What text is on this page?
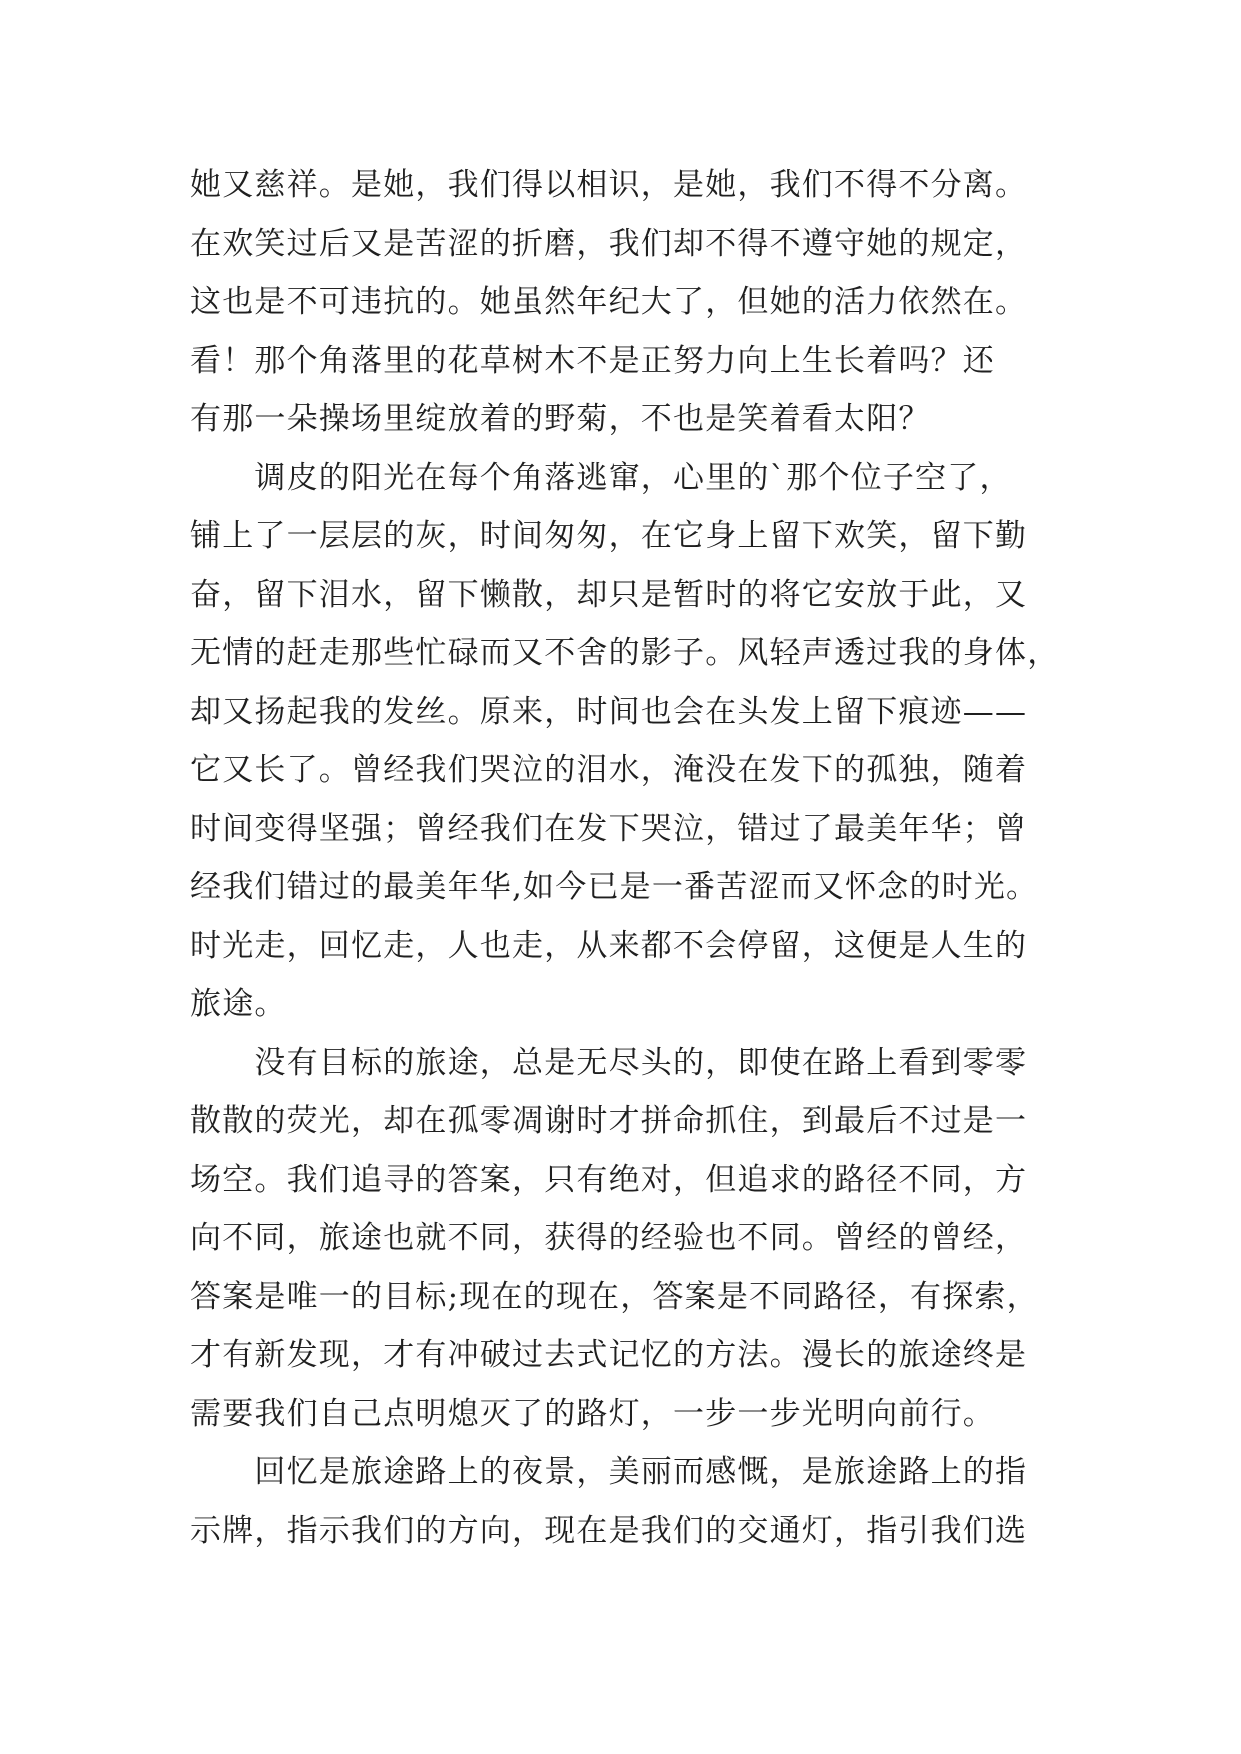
她又慈祥。是她，我们得以相识，是她，我们不得不分离。
在欢笑过后又是苦涩的折磨，我们却不得不遵守她的规定，
这也是不可违抗的。她虽然年纪大了，但她的活力依然在。
看！那个角落里的花草树木不是正努力向上生长着吗？还
有那一朵操场里绽放着的野菊，不也是笑着看太阳？
　　调皮的阳光在每个角落逃窜，心里的`那个位子空了，
铺上了一层层的灰，时间匆匆，在它身上留下欢笑，留下勤
奋，留下泪水，留下懒散，却只是暂时的将它安放于此，又
无情的赶走那些忙碌而又不舍的影子。风轻声透过我的身体，
却又扬起我的发丝。原来，时间也会在头发上留下痕迹——
它又长了。曾经我们哭泣的泪水，淹没在发下的孤独，随着
时间变得坚强；曾经我们在发下哭泣，错过了最美年华；曾
经我们错过的最美年华,如今已是一番苦涩而又怀念的时光。
时光走，回忆走，人也走，从来都不会停留，这便是人生的
旅途。
　　没有目标的旅途，总是无尽头的，即使在路上看到零零
散散的荧光，却在孤零凋谢时才拼命抓住，到最后不过是一
场空。我们追寻的答案，只有绝对，但追求的路径不同，方
向不同，旅途也就不同，获得的经验也不同。曾经的曾经，
答案是唯一的目标;现在的现在，答案是不同路径，有探索，
才有新发现，才有冲破过去式记忆的方法。漫长的旅途终是
需要我们自己点明熄灭了的路灯，一步一步光明向前行。
　　回忆是旅途路上的夜景，美丽而感慨，是旅途路上的指
示牌，指示我们的方向，现在是我们的交通灯，指引我们选
